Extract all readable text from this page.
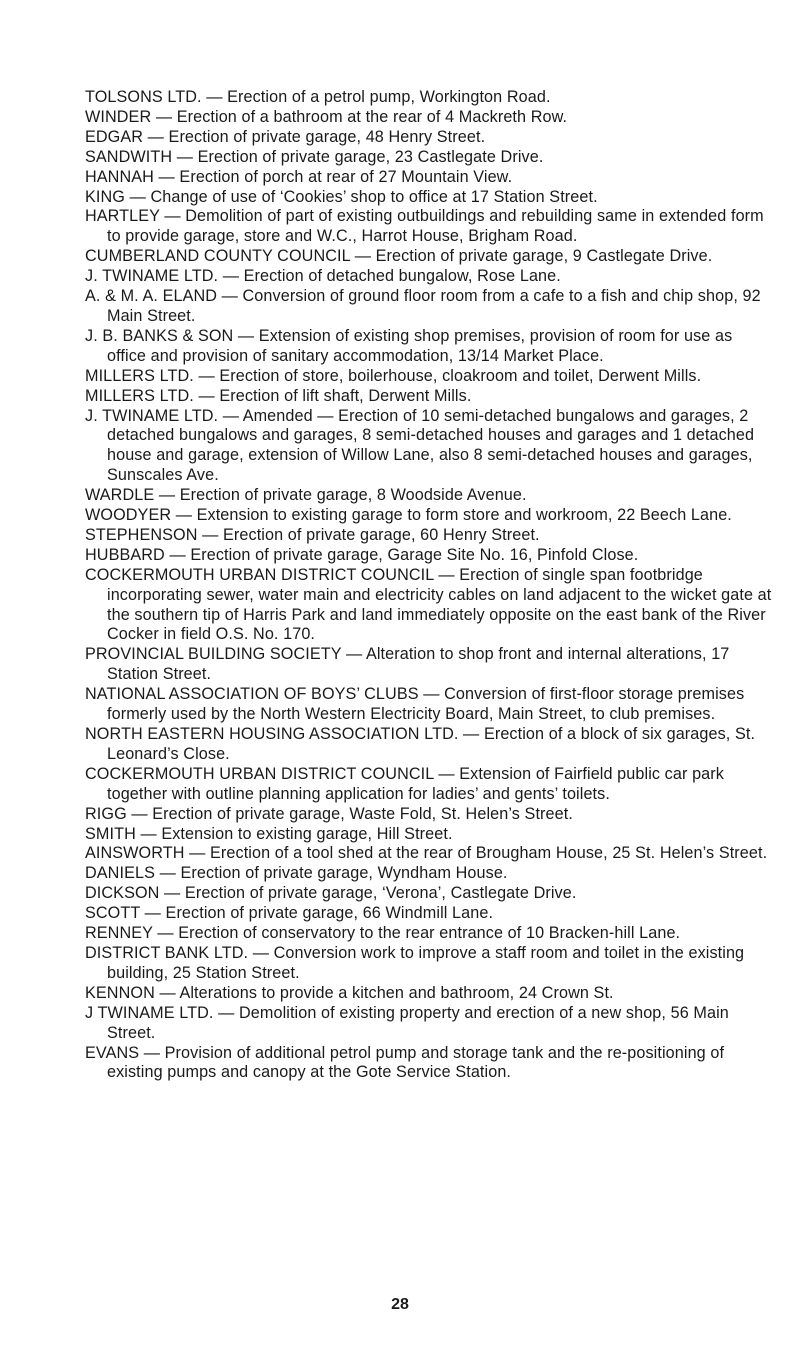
TOLSONS LTD. — Erection of a petrol pump, Workington Road.

WINDER — Erection of a bathroom at the rear of 4 Mackreth Row.

EDGAR — Erection of private garage, 48 Henry Street.

SANDWITH — Erection of private garage, 23 Castlegate Drive.

HANNAH — Erection of porch at rear of 27 Mountain View.

KING — Change of use of ‘Cookies’ shop to office at 17 Station Street.

HARTLEY — Demolition of part of existing outbuildings and rebuilding same in extended form to provide garage, store and W.C., Harrot House, Brigham Road.

CUMBERLAND COUNTY COUNCIL — Erection of private garage, 9 Castlegate Drive.

J. TWINAME LTD. — Erection of detached bungalow, Rose Lane.

A. & M. A. ELAND — Conversion of ground floor room from a cafe to a fish and chip shop, 92 Main Street.

J. B. BANKS & SON — Extension of existing shop premises, provision of room for use as office and provision of sanitary accommodation, 13/14 Market Place.

MILLERS LTD. — Erection of store, boilerhouse, cloakroom and toilet, Derwent Mills.

MILLERS LTD. — Erection of lift shaft, Derwent Mills.

J. TWINAME LTD. — Amended — Erection of 10 semi-detached bungalows and garages, 2 detached bungalows and garages, 8 semi-detached houses and garages and 1 detached house and garage, extension of Willow Lane, also 8 semi-detached houses and garages, Sunscales Ave.

WARDLE — Erection of private garage, 8 Woodside Avenue.

WOODYER — Extension to existing garage to form store and workroom, 22 Beech Lane.

STEPHENSON — Erection of private garage, 60 Henry Street.

HUBBARD — Erection of private garage, Garage Site No. 16, Pinfold Close.

COCKERMOUTH URBAN DISTRICT COUNCIL — Erection of single span footbridge incorporating sewer, water main and electricity cables on land adjacent to the wicket gate at the southern tip of Harris Park and land immediately opposite on the east bank of the River Cocker in field O.S. No. 170.

PROVINCIAL BUILDING SOCIETY — Alteration to shop front and internal alterations, 17 Station Street.

NATIONAL ASSOCIATION OF BOYS’ CLUBS — Conversion of first-floor storage premises formerly used by the North Western Electricity Board, Main Street, to club premises.

NORTH EASTERN HOUSING ASSOCIATION LTD. — Erection of a block of six garages, St. Leonard’s Close.

COCKERMOUTH URBAN DISTRICT COUNCIL — Extension of Fairfield public car park together with outline planning application for ladies’ and gents’ toilets.

RIGG — Erection of private garage, Waste Fold, St. Helen’s Street.

SMITH — Extension to existing garage, Hill Street.

AINSWORTH — Erection of a tool shed at the rear of Brougham House, 25 St. Helen’s Street.

DANIELS — Erection of private garage, Wyndham House.

DICKSON — Erection of private garage, ‘Verona’, Castlegate Drive.

SCOTT — Erection of private garage, 66 Windmill Lane.

RENNEY — Erection of conservatory to the rear entrance of 10 Bracken-hill Lane.

DISTRICT BANK LTD. — Conversion work to improve a staff room and toilet in the existing building, 25 Station Street.

KENNON — Alterations to provide a kitchen and bathroom, 24 Crown St.

J TWINAME LTD. — Demolition of existing property and erection of a new shop, 56 Main Street.

EVANS — Provision of additional petrol pump and storage tank and the re-positioning of existing pumps and canopy at the Gote Service Station.

28
